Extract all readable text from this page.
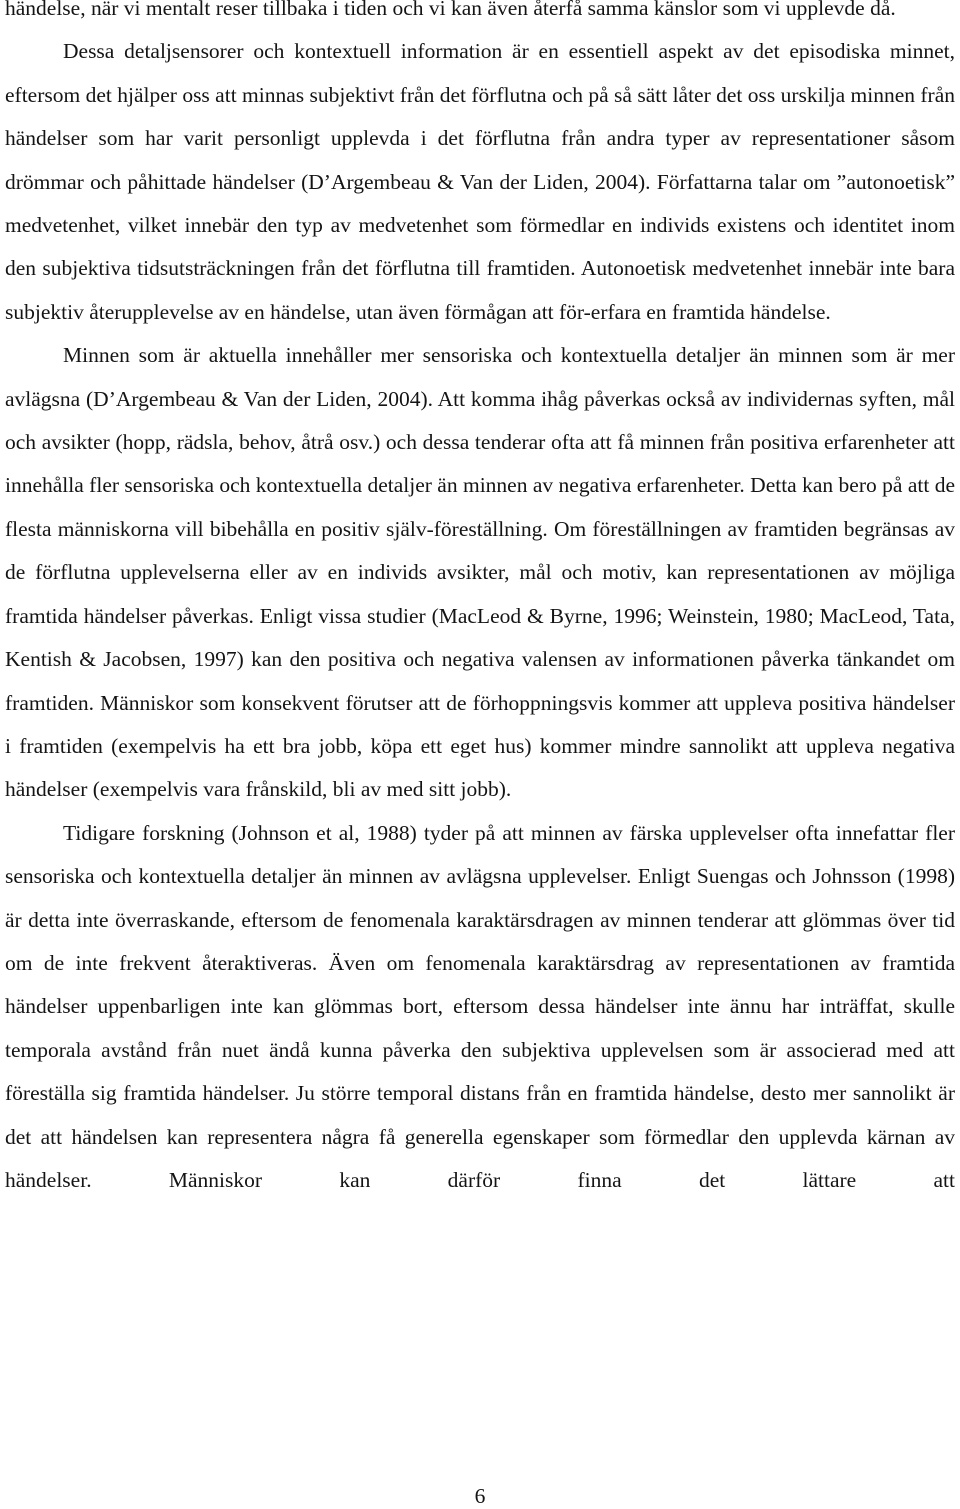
händelse, när vi mentalt reser tillbaka i tiden och vi kan även återfå samma känslor som vi upplevde då.

Dessa detaljsensorer och kontextuell information är en essentiell aspekt av det episodiska minnet, eftersom det hjälper oss att minnas subjektivt från det förflutna och på så sätt låter det oss urskilja minnen från händelser som har varit personligt upplevda i det förflutna från andra typer av representationer såsom drömmar och påhittade händelser (D’Argembeau & Van der Liden, 2004). Författarna talar om ”autonoetisk” medvetenhet, vilket innebär den typ av medvetenhet som förmedlar en individs existens och identitet inom den subjektiva tidsutsträckningen från det förflutna till framtiden. Autonoetisk medvetenhet innebär inte bara subjektiv återupplevelse av en händelse, utan även förmågan att för-erfara en framtida händelse.

Minnen som är aktuella innehåller mer sensoriska och kontextuella detaljer än minnen som är mer avlägsna (D’Argembeau & Van der Liden, 2004). Att komma ihåg påverkas också av individernas syften, mål och avsikter (hopp, rädsla, behov, åtrå osv.) och dessa tenderar ofta att få minnen från positiva erfarenheter att innehålla fler sensoriska och kontextuella detaljer än minnen av negativa erfarenheter. Detta kan bero på att de flesta människorna vill bibehålla en positiv själv-föreställning. Om föreställningen av framtiden begränsas av de förflutna upplevelserna eller av en individs avsikter, mål och motiv, kan representationen av möjliga framtida händelser påverkas. Enligt vissa studier (MacLeod & Byrne, 1996; Weinstein, 1980; MacLeod, Tata, Kentish & Jacobsen, 1997) kan den positiva och negativa valensen av informationen påverka tänkandet om framtiden. Människor som konsekvent förutser att de förhoppningsvis kommer att uppleva positiva händelser i framtiden (exempelvis ha ett bra jobb, köpa ett eget hus) kommer mindre sannolikt att uppleva negativa händelser (exempelvis vara frånskild, bli av med sitt jobb).

Tidigare forskning (Johnson et al, 1988) tyder på att minnen av färska upplevelser ofta innefattar fler sensoriska och kontextuella detaljer än minnen av avlägsna upplevelser. Enligt Suengas och Johnsson (1998) är detta inte överraskande, eftersom de fenomenala karaktärsdragen av minnen tenderar att glömmas över tid om de inte frekvent återaktiveras. Även om fenomenala karaktärsdrag av representationen av framtida händelser uppenbarligen inte kan glömmas bort, eftersom dessa händelser inte ännu har inträffat, skulle temporala avstånd från nuet ändå kunna påverka den subjektiva upplevelsen som är associerad med att föreställa sig framtida händelser. Ju större temporal distans från en framtida händelse, desto mer sannolikt är det att händelsen kan representera några få generella egenskaper som förmedlar den upplevda kärnan av händelser. Människor kan därför finna det lättare att

6
